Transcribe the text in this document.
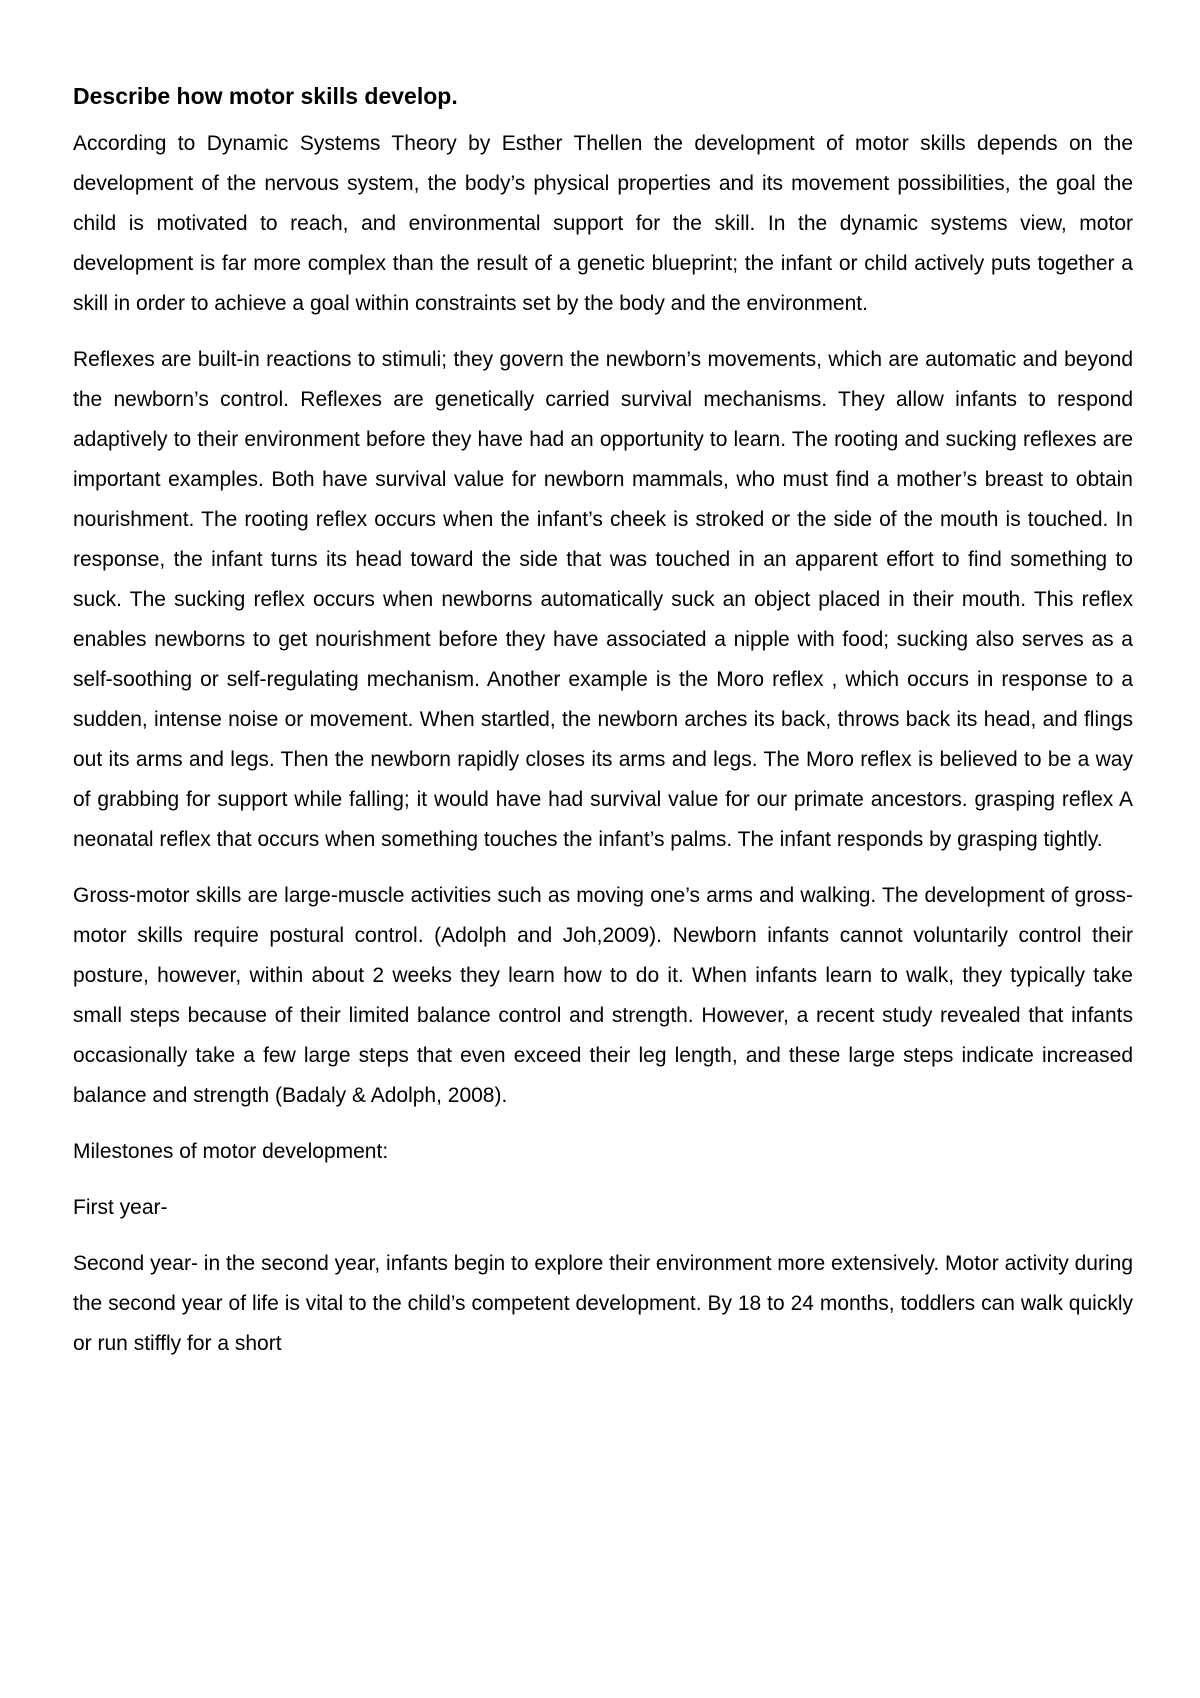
Describe how motor skills develop.

According to Dynamic Systems Theory by Esther Thellen the development of motor skills depends on the development of the nervous system, the body’s physical properties and its movement possibilities, the goal the child is motivated to reach, and environmental support for the skill. In the dynamic systems view, motor development is far more complex than the result of a genetic blueprint; the infant or child actively puts together a skill in order to achieve a goal within constraints set by the body and the environment.

Reflexes are built-in reactions to stimuli; they govern the newborn’s movements, which are automatic and beyond the newborn’s control. Reflexes are genetically carried survival mechanisms. They allow infants to respond adaptively to their environment before they have had an opportunity to learn. The rooting and sucking reflexes are important examples. Both have survival value for newborn mammals, who must find a mother’s breast to obtain nourishment. The rooting reflex occurs when the infant’s cheek is stroked or the side of the mouth is touched. In response, the infant turns its head toward the side that was touched in an apparent effort to find something to suck. The sucking reflex occurs when newborns automatically suck an object placed in their mouth. This reflex enables newborns to get nourishment before they have associated a nipple with food; sucking also serves as a self-soothing or self-regulating mechanism. Another example is the Moro reflex , which occurs in response to a sudden, intense noise or movement. When startled, the newborn arches its back, throws back its head, and flings out its arms and legs. Then the newborn rapidly closes its arms and legs. The Moro reflex is believed to be a way of grabbing for support while falling; it would have had survival value for our primate ancestors. grasping reflex A neonatal reflex that occurs when something touches the infant’s palms. The infant responds by grasping tightly.

Gross-motor skills are large-muscle activities such as moving one’s arms and walking. The development of gross-motor skills require postural control. (Adolph and Joh,2009). Newborn infants cannot voluntarily control their posture, however, within about 2 weeks they learn how to do it. When infants learn to walk, they typically take small steps because of their limited balance control and strength. However, a recent study revealed that infants occasionally take a few large steps that even exceed their leg length, and these large steps indicate increased balance and strength (Badaly & Adolph, 2008).

Milestones of motor development:

First year-

Second year- in the second year, infants begin to explore their environment more extensively. Motor activity during the second year of life is vital to the child’s competent development. By 18 to 24 months, toddlers can walk quickly or run stiffly for a short
